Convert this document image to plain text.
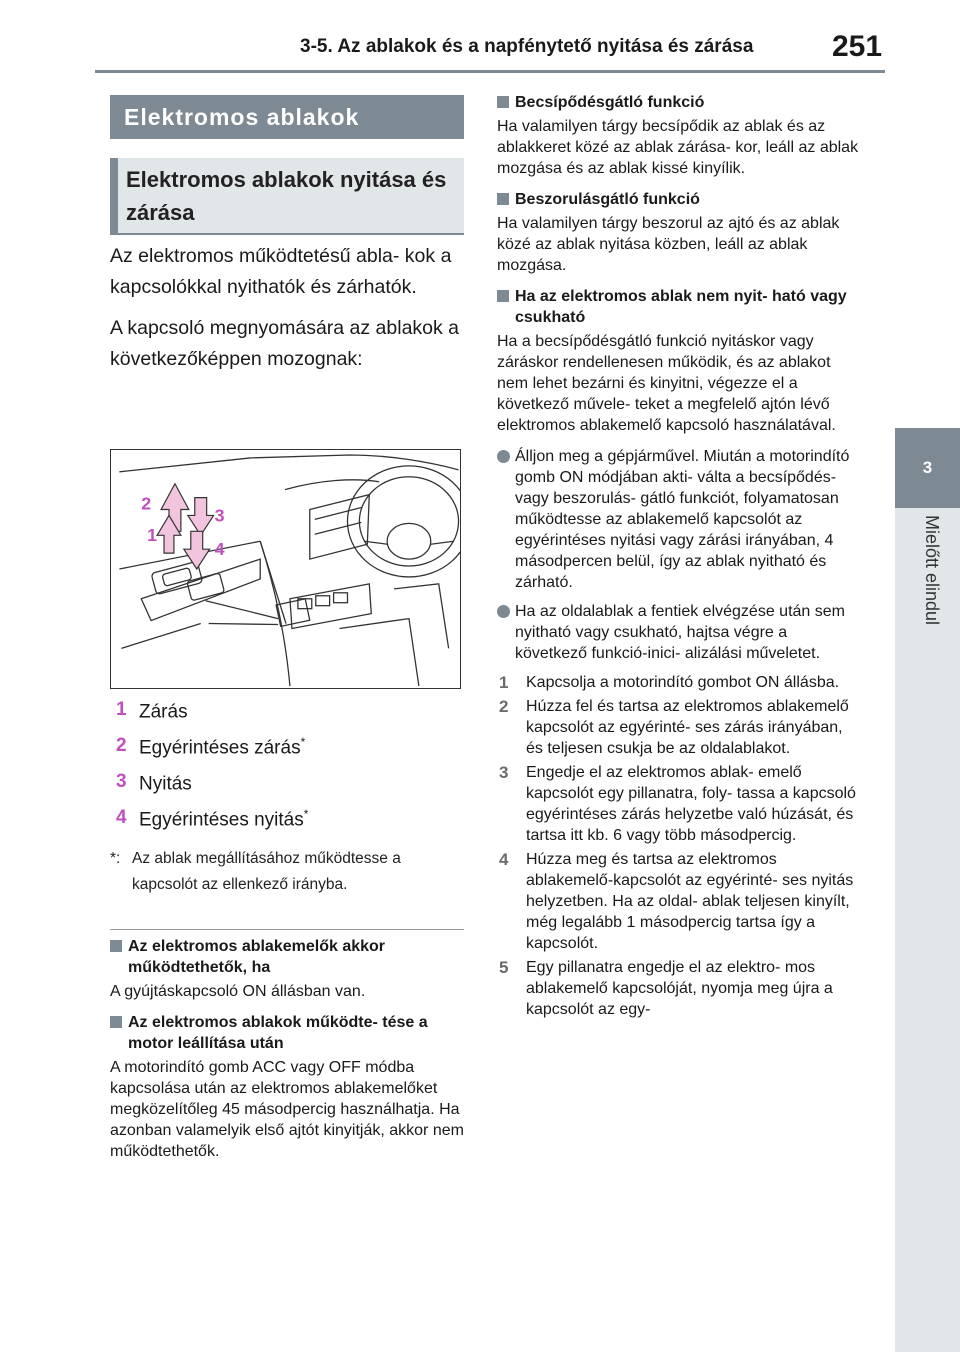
3-5. Az ablakok és a napfénytető nyitása és zárása	251
3
Mielőtt elindul
Elektromos ablakok
Elektromos ablakok nyitása és zárása

Az elektromos működtetésű abla- kok a kapcsolókkal nyithatók és zárhatók.

A kapcsoló megnyomására az ablakok a következőképpen mozognak:

2
3
1
4
1 Zárás
2 Egyérintéses zárás*
3 Nyitás
4 Egyérintéses nyitás*
*: Az ablak megállításához működtesse a kapcsolót az ellenkező irányba.

Az elektromos ablakemelők akkor működtethetők, ha

A gyújtáskapcsoló ON állásban van.

Az elektromos ablakok működte- tése a motor leállítása után

A motorindító gomb ACC vagy OFF módba kapcsolása után az elektromos ablakemelőket megközelítőleg 45 másodpercig használhatja. Ha azonban valamelyik első ajtót kinyitják, akkor nem működtethetők.

Becsípődésgátló funkció

Ha valamilyen tárgy becsípődik az ablak és az ablakkeret közé az ablak zárása- kor, leáll az ablak mozgása és az ablak kissé kinyílik.

Beszorulásgátló funkció

Ha valamilyen tárgy beszorul az ajtó és az ablak közé az ablak nyitása közben, leáll az ablak mozgása.

Ha az elektromos ablak nem nyit- ható vagy csukható

Ha a becsípődésgátló funkció nyitáskor vagy záráskor rendellenesen működik, és az ablakot nem lehet bezárni és kinyitni, végezze el a következő művele- teket a megfelelő ajtón lévő elektromos ablakemelő kapcsoló használatával.

Álljon meg a gépjárművel. Miután a motorindító gomb ON módjában akti- válta a becsípődés- vagy beszorulás- gátló funkciót, folyamatosan működtesse az ablakemelő kapcsolót az egyérintéses nyitási vagy zárási irányában, 4 másodpercen belül, így az ablak nyitható és zárható.

Ha az oldalablak a fentiek elvégzése után sem nyitható vagy csukható, hajtsa végre a következő funkció-inici- alizálási műveletet.

1 Kapcsolja a motorindító gombot ON állásba.

2 Húzza fel és tartsa az elektromos ablakemelő kapcsolót az egyérinté- ses zárás irányában, és teljesen csukja be az oldalablakot.

3 Engedje el az elektromos ablak- emelő kapcsolót egy pillanatra, foly- tassa a kapcsoló egyérintéses zárás helyzetbe való húzását, és tartsa itt kb. 6 vagy több másodpercig.

4 Húzza meg és tartsa az elektromos ablakemelő-kapcsolót az egyérinté- ses nyitás helyzetben. Ha az oldal- ablak teljesen kinyílt, még legalább 1 másodpercig tartsa így a kapcsolót.

5 Egy pillanatra engedje el az elektro- mos ablakemelő kapcsolóját, nyomja meg újra a kapcsolót az egy-
